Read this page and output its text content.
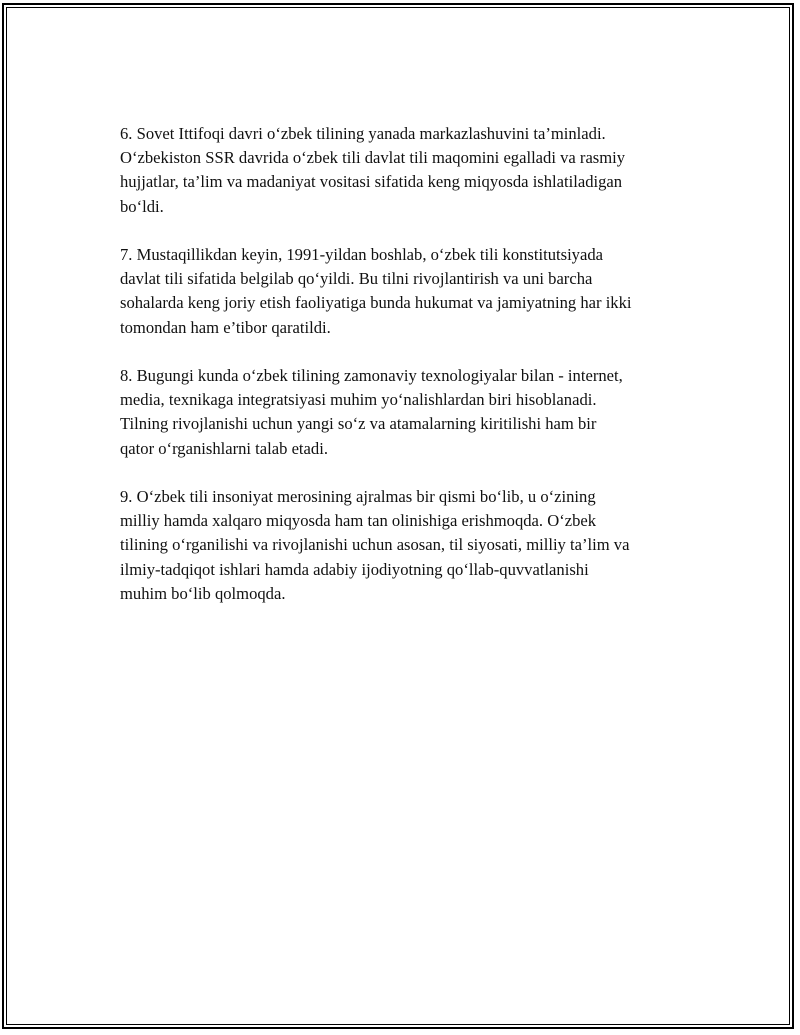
6. Sovet Ittifoqi davri o‘zbek tilining yanada markazlashuvini ta’minladi.
O‘zbekiston SSR davrida o‘zbek tili davlat tili maqomini egalladi va rasmiy
hujjatlar, ta’lim va madaniyat vositasi sifatida keng miqyosda ishlatiladigan
bo‘ldi.

7. Mustaqillikdan keyin, 1991-yildan boshlab, o‘zbek tili konstitutsiyada
davlat tili sifatida belgilab qo‘yildi. Bu tilni rivojlantirish va uni barcha
sohalarda keng joriy etish faoliyatiga bunda hukumat va jamiyatning har ikki
tomondan ham e’tibor qaratildi.

8. Bugungi kunda o‘zbek tilining zamonaviy texnologiyalar bilan - internet,
media, texnikaga integratsiyasi muhim yo‘nalishlardan biri hisoblanadi.
Tilning rivojlanishi uchun yangi so‘z va atamalarning kiritilishi ham bir
qator o‘rganishlarni talab etadi.

9. O‘zbek tili insoniyat merosining ajralmas bir qismi bo‘lib, u o‘zining
milliy hamda xalqaro miqyosda ham tan olinishiga erishmoqda. O‘zbek
tilining o‘rganilishi va rivojlanishi uchun asosan, til siyosati, milliy ta’lim va
ilmiy-tadqiqot ishlari hamda adabiy ijodiyotning qo‘llab-quvvatlanishi
muhim bo‘lib qolmoqda.
